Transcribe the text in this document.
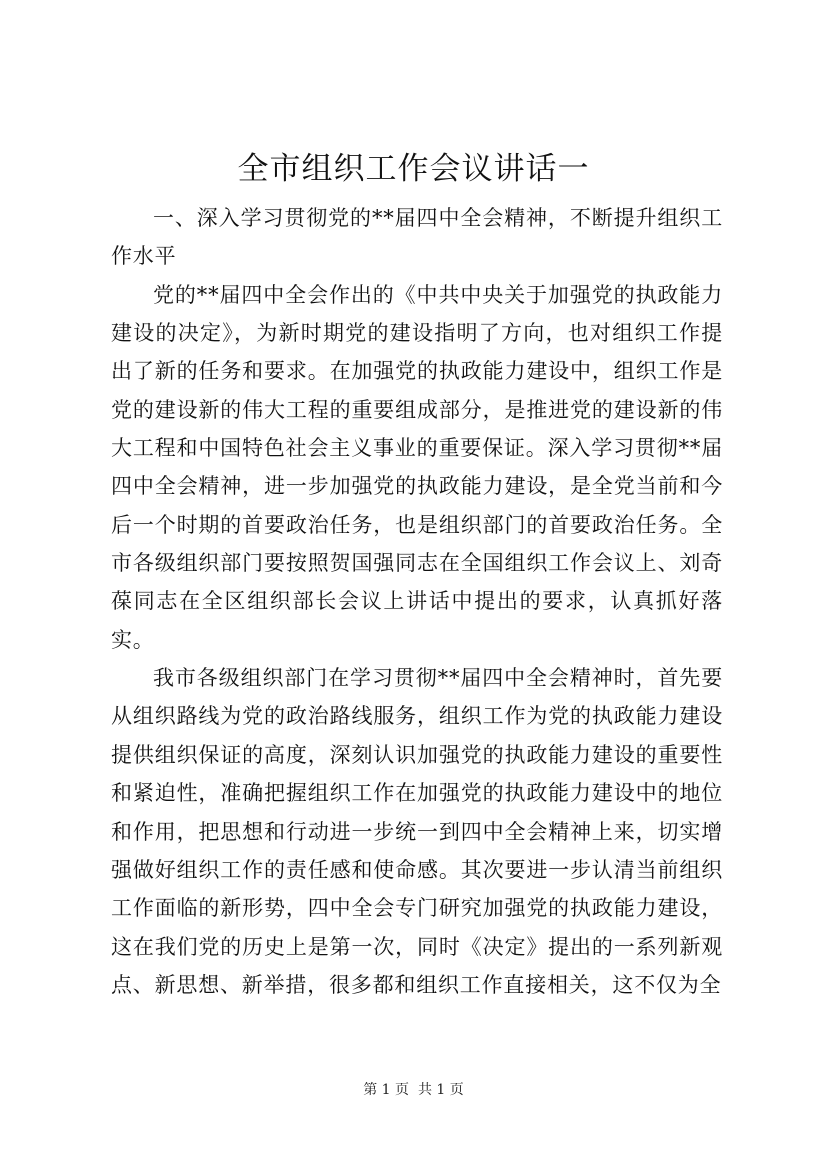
全市组织工作会议讲话一

一、深入学习贯彻党的**届四中全会精神，不断提升组织工作水平

党的**届四中全会作出的《中共中央关于加强党的执政能力建设的决定》，为新时期党的建设指明了方向，也对组织工作提出了新的任务和要求。在加强党的执政能力建设中，组织工作是党的建设新的伟大工程的重要组成部分，是推进党的建设新的伟大工程和中国特色社会主义事业的重要保证。深入学习贯彻**届四中全会精神，进一步加强党的执政能力建设，是全党当前和今后一个时期的首要政治任务，也是组织部门的首要政治任务。全市各级组织部门要按照贺国强同志在全国组织工作会议上、刘奇葆同志在全区组织部长会议上讲话中提出的要求，认真抓好落实。

我市各级组织部门在学习贯彻**届四中全会精神时，首先要从组织路线为党的政治路线服务，组织工作为党的执政能力建设提供组织保证的高度，深刻认识加强党的执政能力建设的重要性和紧迫性，准确把握组织工作在加强党的执政能力建设中的地位和作用，把思想和行动进一步统一到四中全会精神上来，切实增强做好组织工作的责任感和使命感。其次要进一步认清当前组织工作面临的新形势，四中全会专门研究加强党的执政能力建设，这在我们党的历史上是第一次，同时《决定》提出的一系列新观点、新思想、新举措，很多都和组织工作直接相关，这不仅为全

第 1 页  共 1 页
